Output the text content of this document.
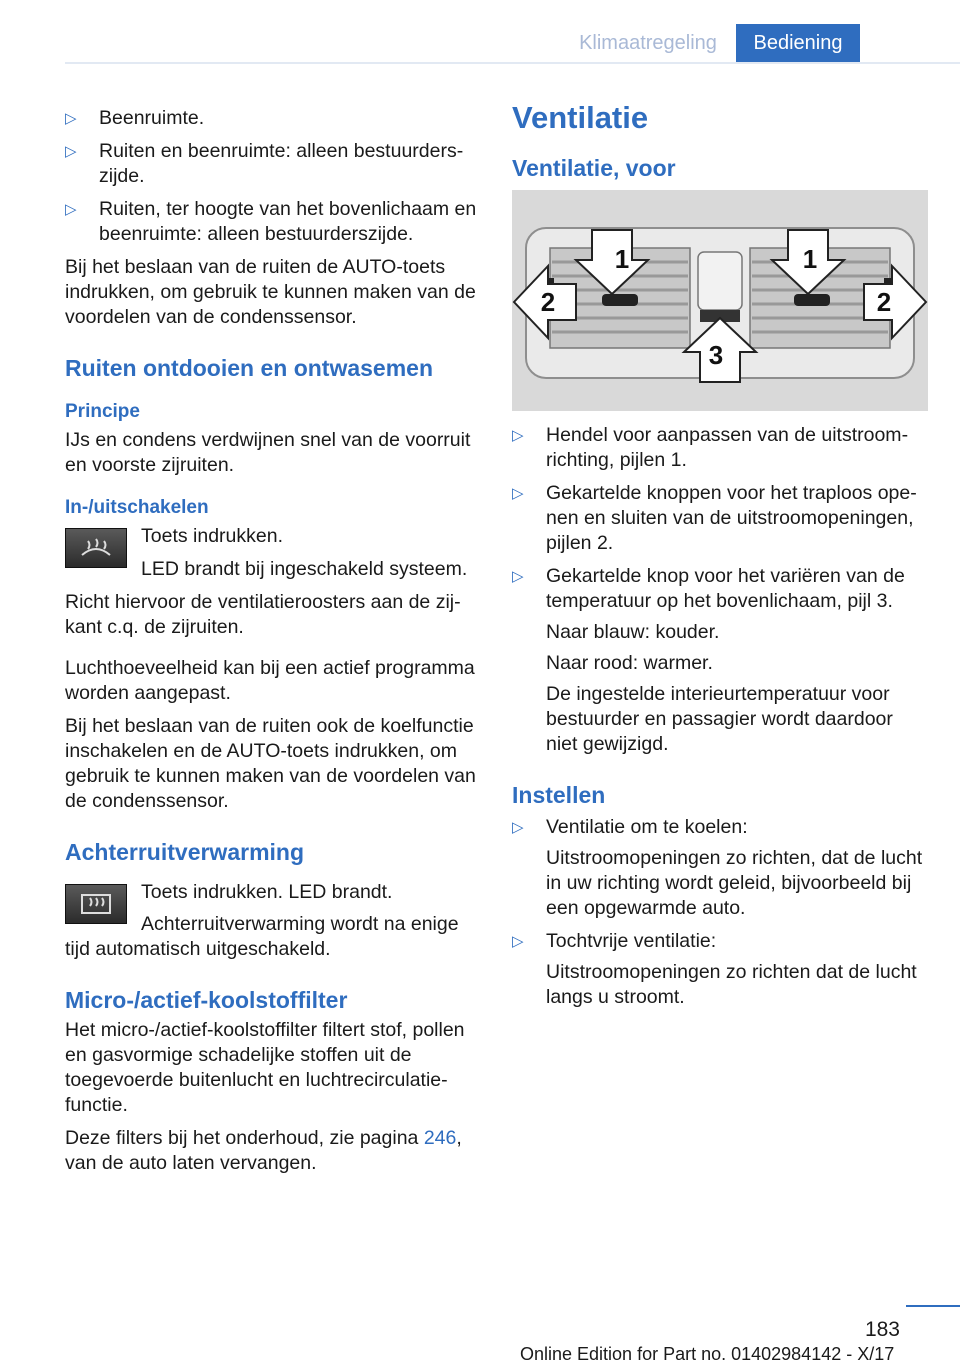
Klimaatregeling	Bediening
▷ Beenruimte.
▷ Ruiten en beenruimte: alleen bestuurderszijde.
▷ Ruiten, ter hoogte van het bovenlichaam en beenruimte: alleen bestuurderszijde.

Bij het beslaan van de ruiten de AUTO-toets indrukken, om gebruik te kunnen maken van de voordelen van de condenssensor.

Ruiten ontdooien en ontwasemen
Principe

IJs en condens verdwijnen snel van de voorruit en voorste zijruiten.

In-/uitschakelen

Toets indrukken.

LED brandt bij ingeschakeld systeem.

Richt hiervoor de ventilatieroosters aan de zijkant c.q. de zijruiten.

Luchthoeveelheid kan bij een actief programma worden aangepast.

Bij het beslaan van de ruiten ook de koelfunctie inschakelen en de AUTO-toets indrukken, om gebruik te kunnen maken van de voordelen van de condenssensor.

Achterruitverwarming

Toets indrukken. LED brandt.

Achterruitverwarming wordt na enige tijd automatisch uitgeschakeld.

Micro-/actief-koolstoffilter

Het micro-/actief-koolstoffilter filtert stof, pollen en gasvormige schadelijke stoffen uit de toegevoerde buitenlucht en luchtrecirculatiefunctie.

Deze filters bij het onderhoud, zie pagina 246, van de auto laten vervangen.

Ventilatie
Ventilatie, voor
1	1
2	2
3
▷ Hendel voor aanpassen van de uitstroomrichting, pijlen 1.
▷ Gekartelde knoppen voor het traploos openen en sluiten van de uitstroomopeningen, pijlen 2.
▷ Gekartelde knop voor het variëren van de temperatuur op het bovenlichaam, pijl 3.
Naar blauw: kouder.
Naar rood: warmer.
De ingestelde interieurtemperatuur voor bestuurder en passagier wordt daardoor niet gewijzigd.
Instellen
▷ Ventilatie om te koelen:
Uitstroomopeningen zo richten, dat de lucht in uw richting wordt geleid, bijvoorbeeld bij een opgewarmde auto.
▷ Tochtvrije ventilatie:
Uitstroomopeningen zo richten dat de lucht langs u stroomt.
183
Online Edition for Part no. 01402984142 - X/17
